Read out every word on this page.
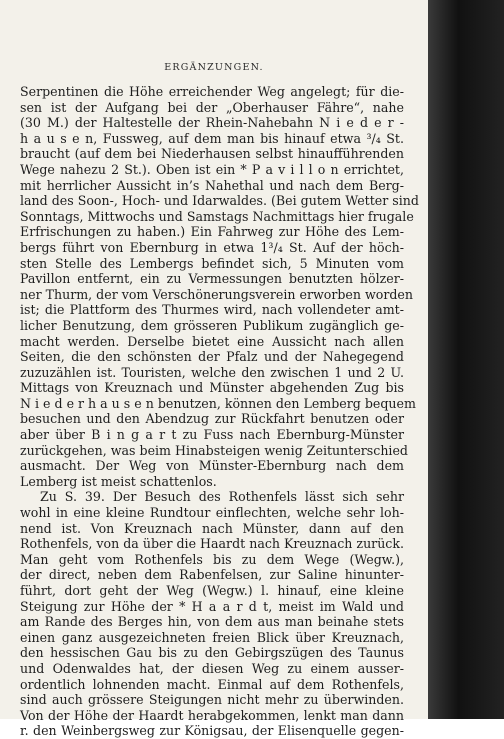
ERGÄNZUNGEN.
Serpentinen die Höhe erreichender Weg angelegt; für die-
sen ist der Aufgang bei der „Oberhauser Fähre“, nahe
(30 M.) der Haltestelle der Rhein-Nahebahn N i e d e r -
h a u s e n, Fussweg, auf dem man bis hinauf etwa ³/₄ St.
braucht (auf dem bei Niederhausen selbst hinaufführenden
Wege nahezu 2 St.). Oben ist ein * P a v i l l o n errichtet,
mit herrlicher Aussicht in’s Nahethal und nach dem Berg-
land des Soon-, Hoch- und Idarwaldes. (Bei gutem Wetter sind
Sonntags, Mittwochs und Samstags Nachmittags hier frugale
Erfrischungen zu haben.) Ein Fahrweg zur Höhe des Lem-
bergs führt von Ebernburg in etwa 1³/₄ St. Auf der höch-
sten Stelle des Lembergs befindet sich, 5 Minuten vom
Pavillon entfernt, ein zu Vermessungen benutzten hölzer-
ner Thurm, der vom Verschönerungsverein erworben worden
ist; die Plattform des Thurmes wird, nach vollendeter amt-
licher Benutzung, dem grösseren Publikum zugänglich ge-
macht werden. Derselbe bietet eine Aussicht nach allen
Seiten, die den schönsten der Pfalz und der Nahegegend
zuzuzählen ist. Touristen, welche den zwischen 1 und 2 U.
Mittags von Kreuznach und Münster abgehenden Zug bis
N i e d e r h a u s e n benutzen, können den Lemberg bequem
besuchen und den Abendzug zur Rückfahrt benutzen oder
aber über B i n g a r t zu Fuss nach Ebernburg-Münster
zurückgehen, was beim Hinabsteigen wenig Zeitunterschied
ausmacht. Der Weg von Münster-Ebernburg nach dem
Lemberg ist meist schattenlos.
Zu S. 39. Der Besuch des Rothenfels lässt sich sehr
wohl in eine kleine Rundtour einflechten, welche sehr loh-
nend ist. Von Kreuznach nach Münster, dann auf den
Rothenfels, von da über die Haardt nach Kreuznach zurück.
Man geht vom Rothenfels bis zu dem Wege (Wegw.),
der direct, neben dem Rabenfelsen, zur Saline hinunter-
führt, dort geht der Weg (Wegw.) l. hinauf, eine kleine
Steigung zur Höhe der * H a a r d t, meist im Wald und
am Rande des Berges hin, von dem aus man beinahe stets
einen ganz ausgezeichneten freien Blick über Kreuznach,
den hessischen Gau bis zu den Gebirgszügen des Taunus
und Odenwaldes hat, der diesen Weg zu einem ausser-
ordentlich lohnenden macht. Einmal auf dem Rothenfels,
sind auch grössere Steigungen nicht mehr zu überwinden.
Von der Höhe der Haardt herabgekommen, lenkt man dann
r. den Weinbergsweg zur Königsau, der Elisenquelle gegen-
